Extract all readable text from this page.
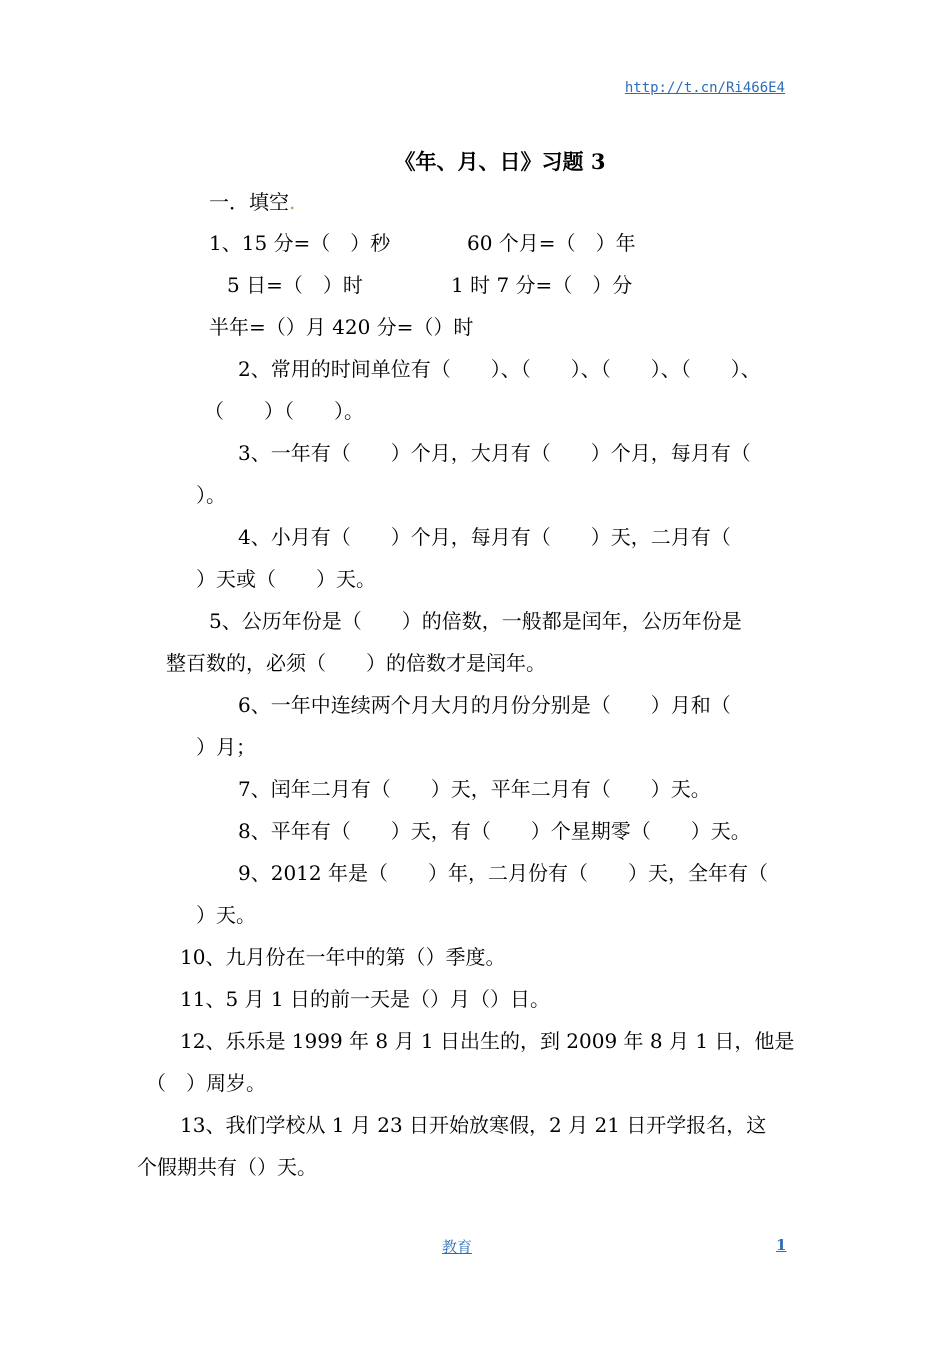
http://t.cn/Ri466E4
《年、月、日》习题 3
一．填空.
1、15 分=（　）秒	60 个月=（　）年
5 日=（　）时	1 时 7 分=（　）分
半年=（）月 420 分=（）时
2、常用的时间单位有（　　）、（　　）、（　　）、（　　）、
（　　）（　　）。
3、一年有（　　）个月，大月有（　　）个月，每月有（
）。
4、小月有（　　）个月，每月有（　　）天，二月有（
）天或（　　）天。
5、公历年份是（　　）的倍数，一般都是闰年，公历年份是
整百数的，必须（　　）的倍数才是闰年。
6、一年中连续两个月大月的月份分别是（　　）月和（
）月；
7、闰年二月有（　　）天，平年二月有（　　）天。
8、平年有（　　）天，有（　　）个星期零（　　）天。
9、2012 年是（　　）年，二月份有（　　）天，全年有（
）天。
10、九月份在一年中的第（）季度。
11、5 月 1 日的前一天是（）月（）日。
12、乐乐是 1999 年 8 月 1 日出生的，到 2009 年 8 月 1 日，他是
（　）周岁。
13、我们学校从 1 月 23 日开始放寒假，2 月 21 日开学报名，这
个假期共有（）天。
教育	1
